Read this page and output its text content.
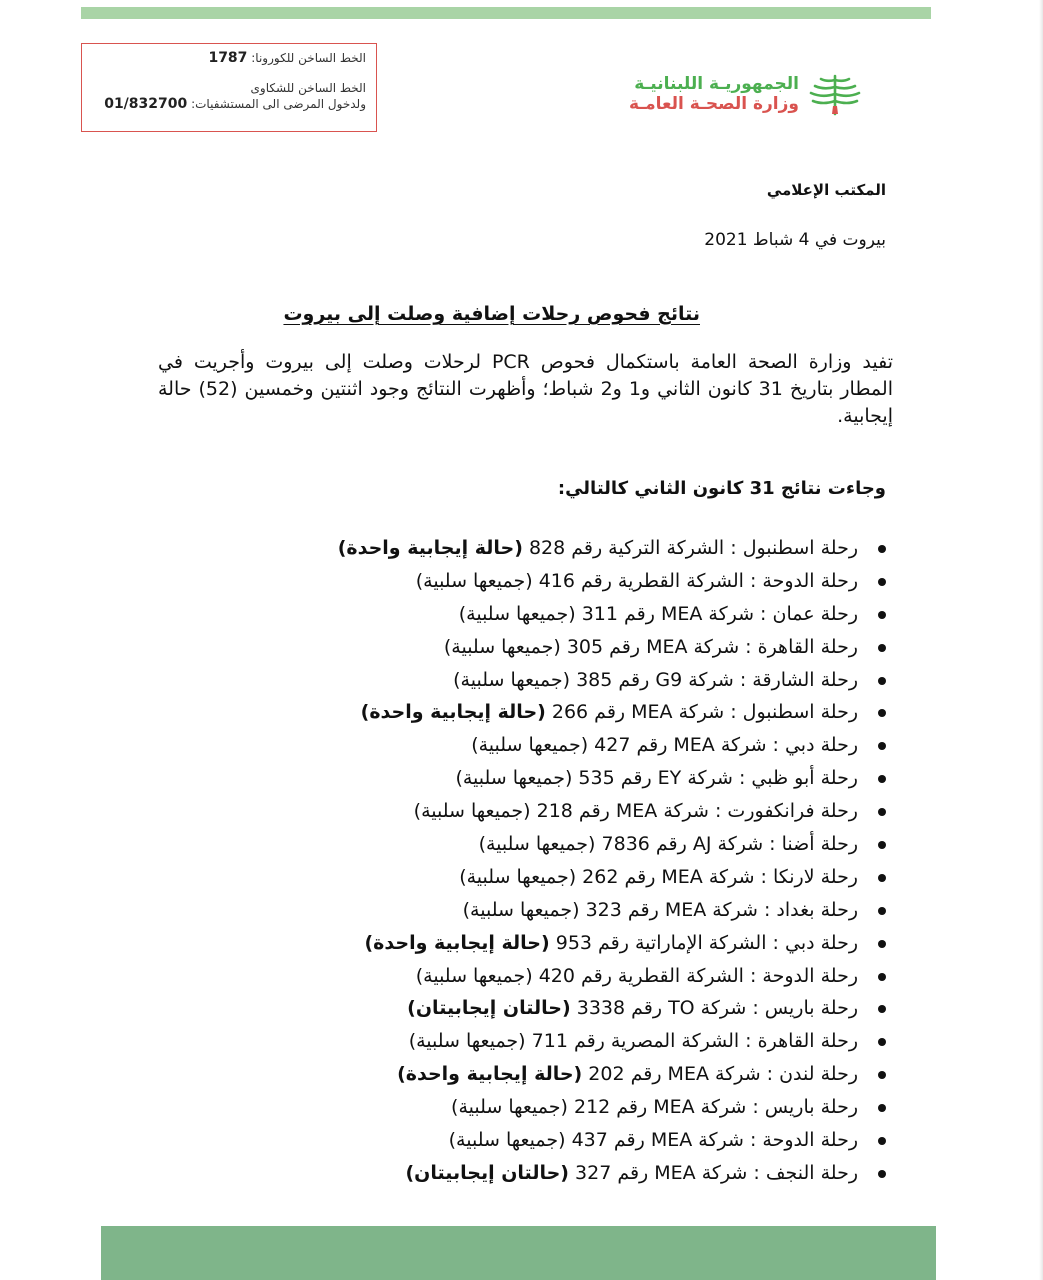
الخط الساخن للكورونا: 1787
الخط الساخن للشكاوى
ولدخول المرضى الى المستشفيات: 01/832700
الجمهوريـة اللبنانيـة
وزارة الصحـة العامـة
المكتب الإعلامي
بيروت في 4 شباط 2021
نتائج فحوص رحلات إضافية وصلت إلى بيروت
تفيد وزارة الصحة العامة باستكمال فحوص PCR لرحلات وصلت إلى بيروت وأجريت في المطار بتاريخ 31 كانون الثاني و1 و2 شباط؛ وأظهرت النتائج وجود اثنتين وخمسين (52) حالة إيجابية.
وجاءت نتائج 31 كانون الثاني كالتالي:
رحلة اسطنبول : الشركة التركية رقم 828 (حالة إيجابية واحدة)
رحلة الدوحة : الشركة القطرية رقم 416 (جميعها سلبية)
رحلة عمان : شركة MEA رقم 311 (جميعها سلبية)
رحلة القاهرة : شركة MEA رقم 305 (جميعها سلبية)
رحلة الشارقة : شركة G9 رقم 385 (جميعها سلبية)
رحلة اسطنبول : شركة MEA رقم 266 (حالة إيجابية واحدة)
رحلة دبي : شركة MEA رقم 427 (جميعها سلبية)
رحلة أبو ظبي : شركة EY رقم 535 (جميعها سلبية)
رحلة فرانكفورت : شركة MEA رقم 218 (جميعها سلبية)
رحلة أضنا : شركة AJ رقم 7836 (جميعها سلبية)
رحلة لارنكا : شركة MEA رقم 262 (جميعها سلبية)
رحلة بغداد : شركة MEA رقم 323 (جميعها سلبية)
رحلة دبي : الشركة الإماراتية رقم 953 (حالة إيجابية واحدة)
رحلة الدوحة : الشركة القطرية رقم 420 (جميعها سلبية)
رحلة باريس : شركة TO رقم 3338 (حالتان إيجابيتان)
رحلة القاهرة : الشركة المصرية رقم 711 (جميعها سلبية)
رحلة لندن : شركة MEA رقم 202 (حالة إيجابية واحدة)
رحلة باريس : شركة MEA رقم 212 (جميعها سلبية)
رحلة الدوحة : شركة MEA رقم 437 (جميعها سلبية)
رحلة النجف : شركة MEA رقم 327 (حالتان إيجابيتان)
